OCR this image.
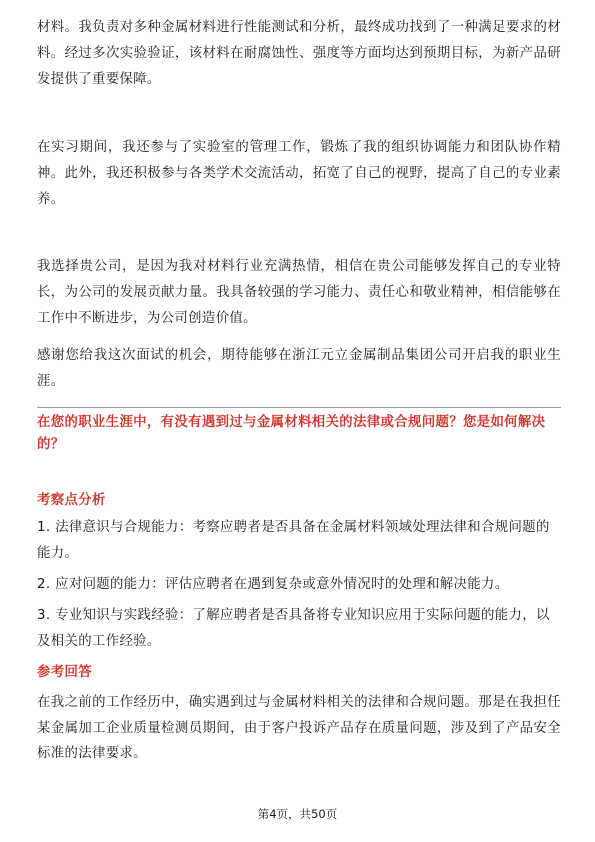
材料。我负责对多种金属材料进行性能测试和分析，最终成功找到了一种满足要求的材料。经过多次实验验证，该材料在耐腐蚀性、强度等方面均达到预期目标，为新产品研发提供了重要保障。

在实习期间，我还参与了实验室的管理工作，锻炼了我的组织协调能力和团队协作精神。此外，我还积极参与各类学术交流活动，拓宽了自己的视野，提高了自己的专业素养。

我选择贵公司，是因为我对材料行业充满热情，相信在贵公司能够发挥自己的专业特长，为公司的发展贡献力量。我具备较强的学习能力、责任心和敬业精神，相信能够在工作中不断进步，为公司创造价值。

感谢您给我这次面试的机会，期待能够在浙江元立金属制品集团公司开启我的职业生涯。

在您的职业生涯中，有没有遇到过与金属材料相关的法律或合规问题？您是如何解决的？

考察点分析

1. 法律意识与合规能力：考察应聘者是否具备在金属材料领域处理法律和合规问题的能力。
2. 应对问题的能力：评估应聘者在遇到复杂或意外情况时的处理和解决能力。
3. 专业知识与实践经验：了解应聘者是否具备将专业知识应用于实际问题的能力，以及相关的工作经验。

参考回答

在我之前的工作经历中，确实遇到过与金属材料相关的法律和合规问题。那是在我担任某金属加工企业质量检测员期间，由于客户投诉产品存在质量问题，涉及到了产品安全标准的法律要求。

第4页，共50页
